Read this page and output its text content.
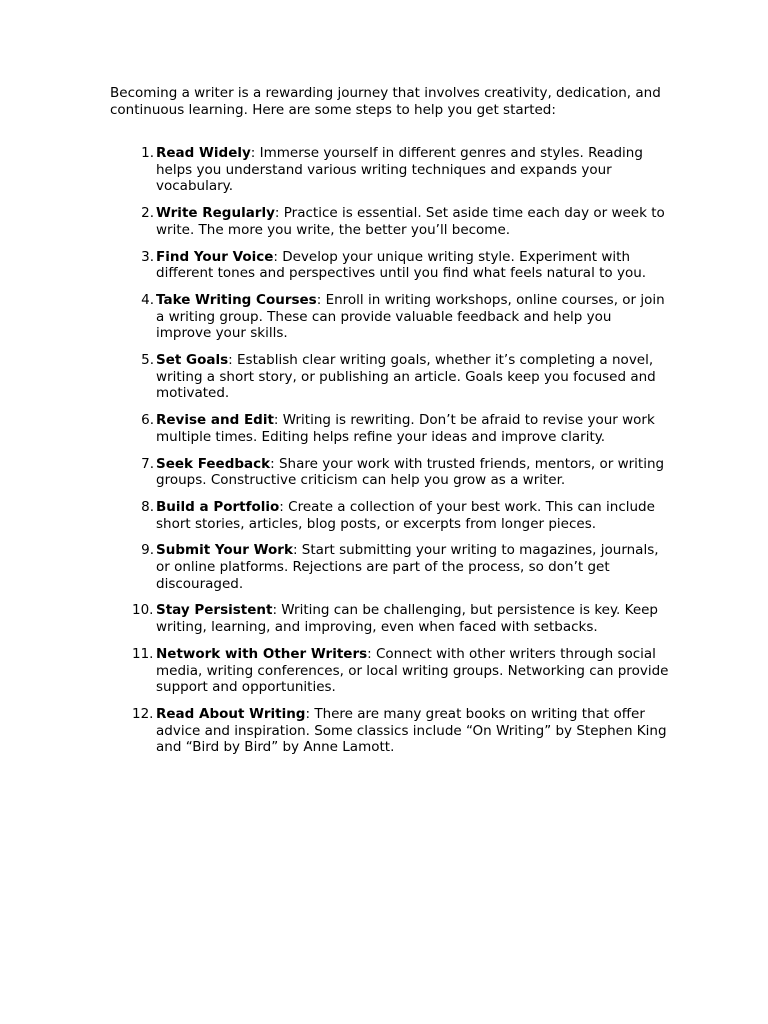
Becoming a writer is a rewarding journey that involves creativity, dedication, and continuous learning. Here are some steps to help you get started:

1. Read Widely: Immerse yourself in different genres and styles. Reading helps you understand various writing techniques and expands your vocabulary.
2. Write Regularly: Practice is essential. Set aside time each day or week to write. The more you write, the better you’ll become.
3. Find Your Voice: Develop your unique writing style. Experiment with different tones and perspectives until you find what feels natural to you.
4. Take Writing Courses: Enroll in writing workshops, online courses, or join a writing group. These can provide valuable feedback and help you improve your skills.
5. Set Goals: Establish clear writing goals, whether it’s completing a novel, writing a short story, or publishing an article. Goals keep you focused and motivated.
6. Revise and Edit: Writing is rewriting. Don’t be afraid to revise your work multiple times. Editing helps refine your ideas and improve clarity.
7. Seek Feedback: Share your work with trusted friends, mentors, or writing groups. Constructive criticism can help you grow as a writer.
8. Build a Portfolio: Create a collection of your best work. This can include short stories, articles, blog posts, or excerpts from longer pieces.
9. Submit Your Work: Start submitting your writing to magazines, journals, or online platforms. Rejections are part of the process, so don’t get discouraged.
10. Stay Persistent: Writing can be challenging, but persistence is key. Keep writing, learning, and improving, even when faced with setbacks.
11. Network with Other Writers: Connect with other writers through social media, writing conferences, or local writing groups. Networking can provide support and opportunities.
12. Read About Writing: There are many great books on writing that offer advice and inspiration. Some classics include “On Writing” by Stephen King and “Bird by Bird” by Anne Lamott.
